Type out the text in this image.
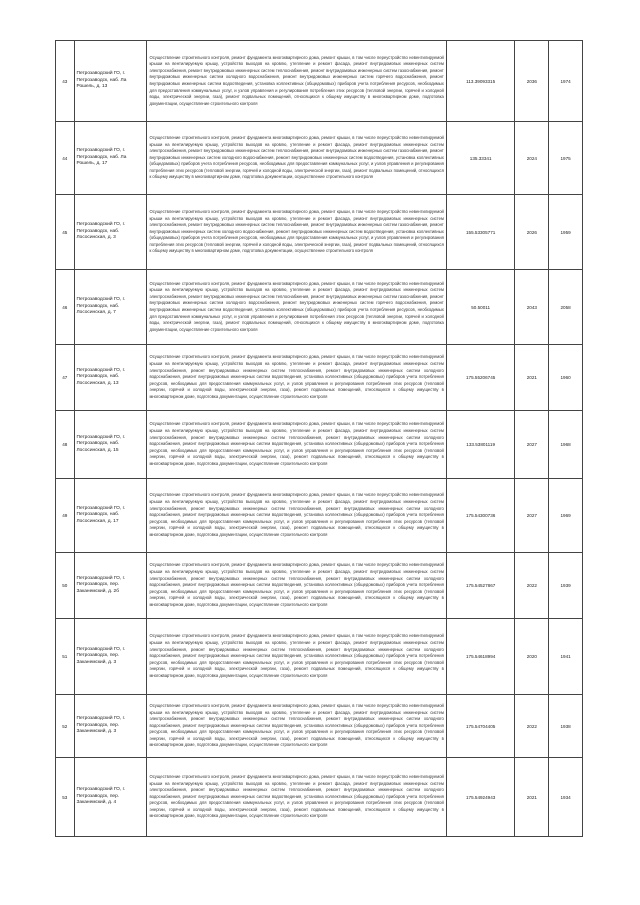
43	Петрозаводский ГО, г. Петрозаводск, наб. Ла Рошель, д. 13	Осуществление строительного контроля, ремонт фундамента многоквартирного дома, ремонт крыши, в том числе переустройство невентилируемой крыши на вентилируемую крышу, устройство выходов на кровлю, утепление и ремонт фасада, ремонт внутридомовых инженерных систем электроснабжения, ремонт внутридомовых инженерных систем теплоснабжения, ремонт внутридомовых инженерных систем газоснабжения, ремонт внутридомовых инженерных систем холодного водоснабжения, ремонт внутридомовых инженерных систем горячего водоснабжения, ремонт внутридомовых инженерных систем водоотведения, установка коллективных (общедомовых) приборов учета потребления ресурсов, необходимых для предоставления коммунальных услуг, и узлов управления и регулирования потребления этих ресурсов (тепловой энергии, горячей и холодной воды, электрической энергии, газа), ремонт подвальных помещений, относящихся к общему имуществу в многоквартирном доме, подготовка документации, осуществление строительного контроля	113.39093315	2036	1974
44	Петрозаводский ГО, г. Петрозаводск, наб. Ла Рошель, д. 17	Осуществление строительного контроля, ремонт фундамента многоквартирного дома, ремонт крыши, в том числе переустройство невентилируемой крыши на вентилируемую крышу, устройство выходов на кровлю, утепление и ремонт фасада, ремонт внутридомовых инженерных систем электроснабжения, ремонт внутридомовых инженерных систем теплоснабжения, ремонт внутридомовых инженерных систем газоснабжения, ремонт внутридомовых инженерных систем холодного водоснабжения, ремонт внутридомовых инженерных систем водоотведения, установка коллективных (общедомовых) приборов учета потребления ресурсов, необходимых для предоставления коммунальных услуг, и узлов управления и регулирования потребления этих ресурсов (тепловой энергии, горячей и холодной воды, электрической энергии, газа), ремонт подвальных помещений, относящихся к общему имуществу в многоквартирном доме, подготовка документации, осуществление строительного контроля	135.33341	2024	1975
45	Петрозаводский ГО, г. Петрозаводск, наб. Лососинская, д. 3	Осуществление строительного контроля, ремонт фундамента многоквартирного дома, ремонт крыши, в том числе переустройство невентилируемой крыши на вентилируемую крышу, устройство выходов на кровлю, утепление и ремонт фасада, ремонт внутридомовых инженерных систем электроснабжения, ремонт внутридомовых инженерных систем теплоснабжения, ремонт внутридомовых инженерных систем газоснабжения, ремонт внутридомовых инженерных систем холодного водоснабжения, ремонт внутридомовых инженерных систем водоотведения, установка коллективных (общедомовых) приборов учета потребления ресурсов, необходимых для предоставления коммунальных услуг, и узлов управления и регулирования потребления этих ресурсов (тепловой энергии, горячей и холодной воды, электрической энергии, газа), ремонт подвальных помещений, относящихся к общему имуществу в многоквартирном доме, подготовка документации, осуществление строительного контроля	155.53305771	2026	1959
46	Петрозаводский ГО, г. Петрозаводск, наб. Лососинская, д. 7	Осуществление строительного контроля, ремонт фундамента многоквартирного дома, ремонт крыши, в том числе переустройство невентилируемой крыши на вентилируемую крышу, устройство выходов на кровлю, утепление и ремонт фасада, ремонт внутридомовых инженерных систем электроснабжения, ремонт внутридомовых инженерных систем теплоснабжения, ремонт внутридомовых инженерных систем газоснабжения, ремонт внутридомовых инженерных систем холодного водоснабжения, ремонт внутридомовых инженерных систем горячего водоснабжения, ремонт внутридомовых инженерных систем водоотведения, установка коллективных (общедомовых) приборов учета потребления ресурсов, необходимых для предоставления коммунальных услуг, и узлов управления и регулирования потребления этих ресурсов (тепловой энергии, горячей и холодной воды, электрической энергии, газа), ремонт подвальных помещений, относящихся к общему имуществу в многоквартирном доме, подготовка документации, осуществление строительного контроля	50.50011	2043	2058
47	Петрозаводский ГО, г. Петрозаводск, наб. Лососинская, д. 13	Осуществление строительного контроля, ремонт фундамента многоквартирного дома, ремонт крыши, в том числе переустройство невентилируемой крыши на вентилируемую крышу, устройство выходов на кровлю, утепление и ремонт фасада, ремонт внутридомовых инженерных систем электроснабжения, ремонт внутридомовых инженерных систем теплоснабжения, ремонт внутридомовых инженерных систем холодного водоснабжения, ремонт внутридомовых инженерных систем водоотведения, установка коллективных (общедомовых) приборов учета потребления ресурсов, необходимых для предоставления коммунальных услуг, и узлов управления и регулирования потребления этих ресурсов (тепловой энергии, горячей и холодной воды, электрической энергии, газа), ремонт подвальных помещений, относящихся к общему имуществу в многоквартирном доме, подготовка документации, осуществление строительного контроля	175.55206745	2021	1960
48	Петрозаводский ГО, г. Петрозаводск, наб. Лососинская, д. 15	Осуществление строительного контроля, ремонт фундамента многоквартирного дома, ремонт крыши, в том числе переустройство невентилируемой крыши на вентилируемую крышу, устройство выходов на кровлю, утепление и ремонт фасада, ремонт внутридомовых инженерных систем электроснабжения, ремонт внутридомовых инженерных систем теплоснабжения, ремонт внутридомовых инженерных систем холодного водоснабжения, ремонт внутридомовых инженерных систем водоотведения, установка коллективных (общедомовых) приборов учета потребления ресурсов, необходимых для предоставления коммунальных услуг, и узлов управления и регулирования потребления этих ресурсов (тепловой энергии, горячей и холодной воды, электрической энергии, газа), ремонт подвальных помещений, относящихся к общему имуществу в многоквартирном доме, подготовка документации, осуществление строительного контроля	133.53801119	2027	1968
49	Петрозаводский ГО, г. Петрозаводск, наб. Лососинская, д. 17	Осуществление строительного контроля, ремонт фундамента многоквартирного дома, ремонт крыши, в том числе переустройство невентилируемой крыши на вентилируемую крышу, устройство выходов на кровлю, утепление и ремонт фасада, ремонт внутридомовых инженерных систем электроснабжения, ремонт внутридомовых инженерных систем теплоснабжения, ремонт внутридомовых инженерных систем холодного водоснабжения, ремонт внутридомовых инженерных систем водоотведения, установка коллективных (общедомовых) приборов учета потребления ресурсов, необходимых для предоставления коммунальных услуг, и узлов управления и регулирования потребления этих ресурсов (тепловой энергии, горячей и холодной воды, электрической энергии, газа), ремонт подвальных помещений, относящихся к общему имуществу в многоквартирном доме, подготовка документации, осуществление строительного контроля	175.54300736	2027	1969
50	Петрозаводский ГО, г. Петрозаводск, пер. Заканемский, д. 2б	Осуществление строительного контроля, ремонт фундамента многоквартирного дома, ремонт крыши, в том числе переустройство невентилируемой крыши на вентилируемую крышу, устройство выходов на кровлю, утепление и ремонт фасада, ремонт внутридомовых инженерных систем электроснабжения, ремонт внутридомовых инженерных систем теплоснабжения, ремонт внутридомовых инженерных систем холодного водоснабжения, ремонт внутридомовых инженерных систем водоотведения, установка коллективных (общедомовых) приборов учета потребления ресурсов, необходимых для предоставления коммунальных услуг, и узлов управления и регулирования потребления этих ресурсов (тепловой энергии, горячей и холодной воды, электрической энергии, газа), ремонт подвальных помещений, относящихся к общему имуществу в многоквартирном доме, подготовка документации, осуществление строительного контроля	175.54527867	2022	1939
51	Петрозаводский ГО, г. Петрозаводск, пер. Заканемский, д. 3	Осуществление строительного контроля, ремонт фундамента многоквартирного дома, ремонт крыши, в том числе переустройство невентилируемой крыши на вентилируемую крышу, устройство выходов на кровлю, утепление и ремонт фасада, ремонт внутридомовых инженерных систем электроснабжения, ремонт внутридомовых инженерных систем теплоснабжения, ремонт внутридомовых инженерных систем холодного водоснабжения, ремонт внутридомовых инженерных систем водоотведения, установка коллективных (общедомовых) приборов учета потребления ресурсов, необходимых для предоставления коммунальных услуг, и узлов управления и регулирования потребления этих ресурсов (тепловой энергии, горячей и холодной воды, электрической энергии, газа), ремонт подвальных помещений, относящихся к общему имуществу в многоквартирном доме, подготовка документации, осуществление строительного контроля	175.54618994	2020	1941
52	Петрозаводский ГО, г. Петрозаводск, пер. Заканемский, д. 3	Осуществление строительного контроля, ремонт фундамента многоквартирного дома, ремонт крыши, в том числе переустройство невентилируемой крыши на вентилируемую крышу, устройство выходов на кровлю, утепление и ремонт фасада, ремонт внутридомовых инженерных систем электроснабжения, ремонт внутридомовых инженерных систем теплоснабжения, ремонт внутридомовых инженерных систем холодного водоснабжения, ремонт внутридомовых инженерных систем водоотведения, установка коллективных (общедомовых) приборов учета потребления ресурсов, необходимых для предоставления коммунальных услуг, и узлов управления и регулирования потребления этих ресурсов (тепловой энергии, горячей и холодной воды, электрической энергии, газа), ремонт подвальных помещений, относящихся к общему имуществу в многоквартирном доме, подготовка документации, осуществление строительного контроля	175.54704405	2022	1938
53	Петрозаводский ГО, г. Петрозаводск, пер. Заканемский, д. 4	Осуществление строительного контроля, ремонт фундамента многоквартирного дома, ремонт крыши, в том числе переустройство невентилируемой крыши на вентилируемую крышу, устройство выходов на кровлю, утепление и ремонт фасада, ремонт внутридомовых инженерных систем электроснабжения, ремонт внутридомовых инженерных систем теплоснабжения, ремонт внутридомовых инженерных систем холодного водоснабжения, ремонт внутридомовых инженерных систем водоотведения, установка коллективных (общедомовых) приборов учета потребления ресурсов, необходимых для предоставления коммунальных услуг, и узлов управления и регулирования потребления этих ресурсов (тепловой энергии, горячей и холодной воды, электрической энергии, газа), ремонт подвальных помещений, относящихся к общему имуществу в многоквартирном доме, подготовка документации, осуществление строительного контроля	175.54924943	2021	1934
